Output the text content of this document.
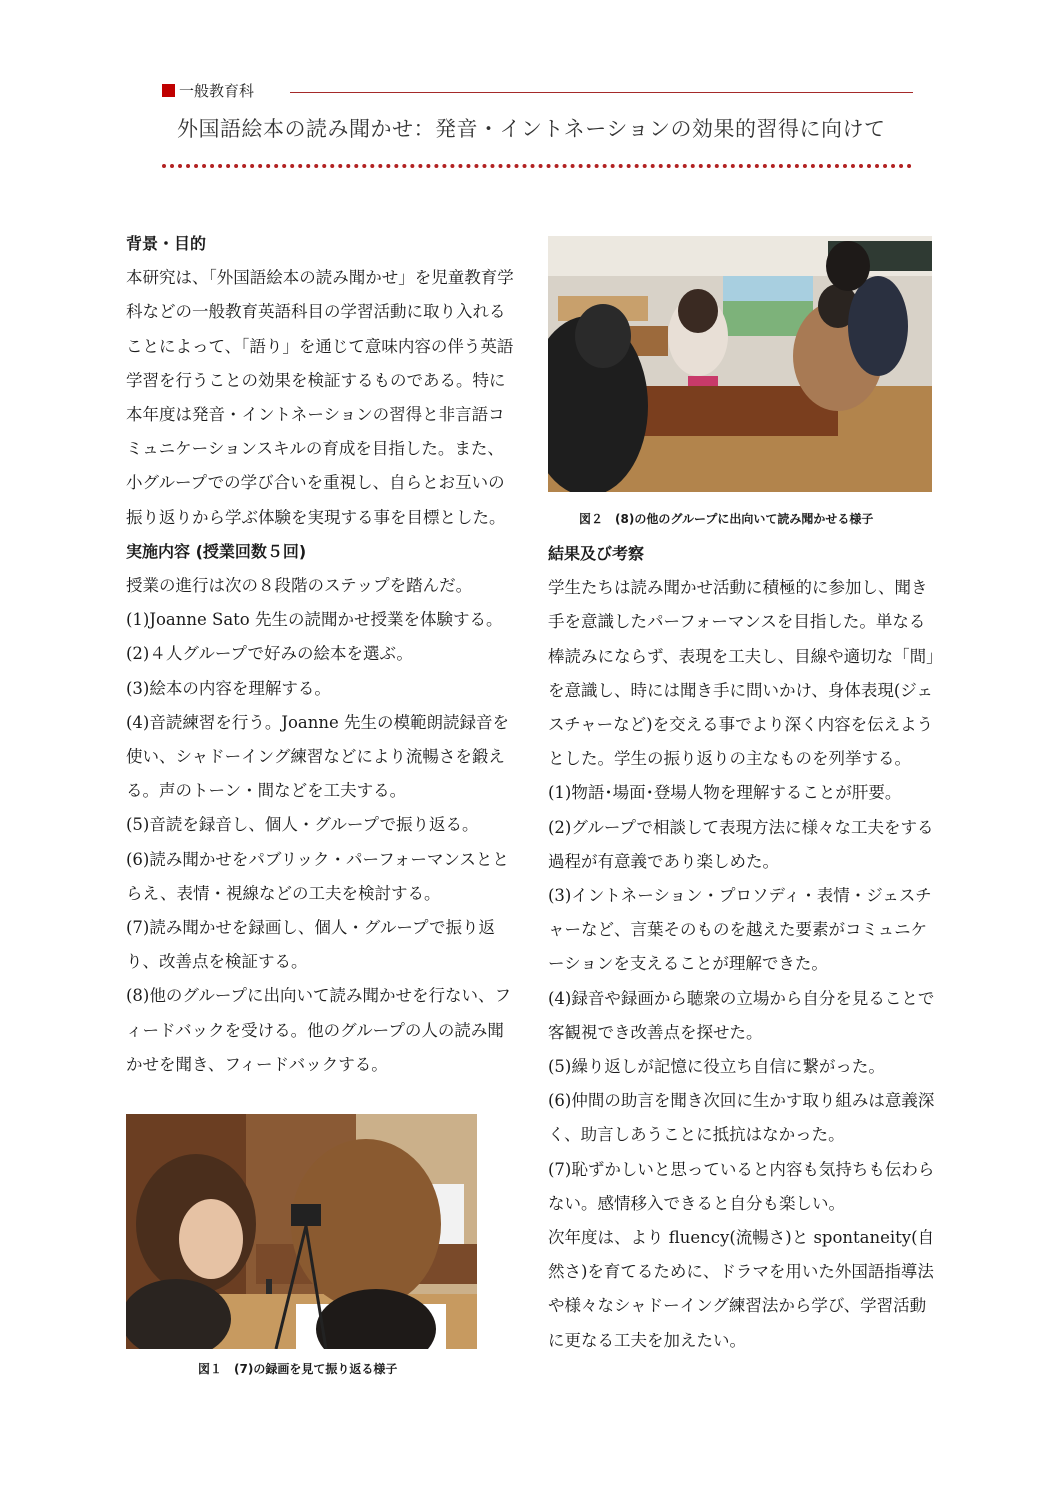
一般教育科
外国語絵本の読み聞かせ：発音・イントネーションの効果的習得に向けて

背景・目的

本研究は、「外国語絵本の読み聞かせ」を児童教育学科などの一般教育英語科目の学習活動に取り入れることによって、「語り」を通じて意味内容の伴う英語学習を行うことの効果を検証するものである。特に本年度は発音・イントネーションの習得と非言語コミュニケーションスキルの育成を目指した。また、小グループでの学び合いを重視し、自らとお互いの振り返りから学ぶ体験を実現する事を目標とした。

実施内容 (授業回数５回)

授業の進行は次の８段階のステップを踏んだ。

(1)Joanne Sato 先生の読聞かせ授業を体験する。

(2)４人グループで好みの絵本を選ぶ。

(3)絵本の内容を理解する。

(4)音読練習を行う。Joanne 先生の模範朗読録音を使い、シャドーイング練習などにより流暢さを鍛える。声のトーン・間などを工夫する。

(5)音読を録音し、個人・グループで振り返る。

(6)読み聞かせをパブリック・パーフォーマンスととらえ、表情・視線などの工夫を検討する。

(7)読み聞かせを録画し、個人・グループで振り返り、改善点を検証する。

(8)他のグループに出向いて読み聞かせを行ない、フィードバックを受ける。他のグループの人の読み聞かせを聞き、フィードバックする。

図１　(7)の録画を見て振り返る様子
図２　(8)の他のグループに出向いて読み聞かせる様子

結果及び考察

学生たちは読み聞かせ活動に積極的に参加し、聞き手を意識したパーフォーマンスを目指した。単なる棒読みにならず、表現を工夫し、目線や適切な「間」を意識し、時には聞き手に問いかけ、身体表現(ジェスチャーなど)を交える事でより深く内容を伝えようとした。学生の振り返りの主なものを列挙する。

(1)物語･場面･登場人物を理解することが肝要。

(2)グループで相談して表現方法に様々な工夫をする過程が有意義であり楽しめた。

(3)イントネーション・プロソディ・表情・ジェスチャーなど、言葉そのものを越えた要素がコミュニケーションを支えることが理解できた。

(4)録音や録画から聴衆の立場から自分を見ることで客観視でき改善点を探せた。

(5)繰り返しが記憶に役立ち自信に繋がった。

(6)仲間の助言を聞き次回に生かす取り組みは意義深く、助言しあうことに抵抗はなかった。

(7)恥ずかしいと思っていると内容も気持ちも伝わらない。感情移入できると自分も楽しい。

次年度は、より fluency(流暢さ)と spontaneity(自然さ)を育てるために、ドラマを用いた外国語指導法や様々なシャドーイング練習法から学び、学習活動に更なる工夫を加えたい。
